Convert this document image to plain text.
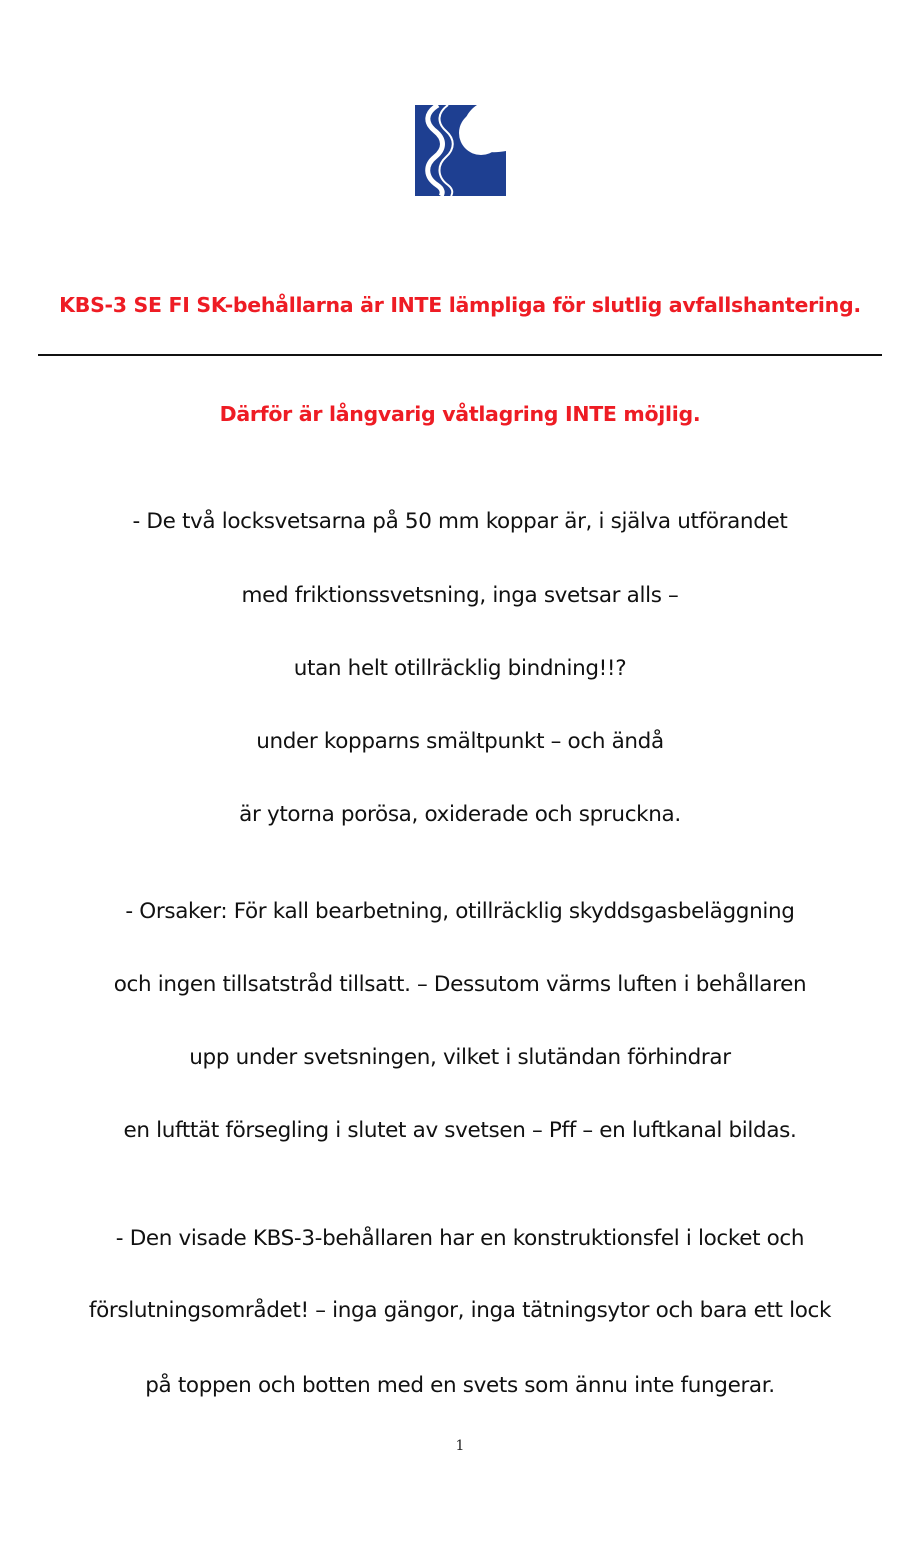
KBS-3 SE FI SK-behållarna är INTE lämpliga för slutlig avfallshantering.
Därför är långvarig våtlagring INTE möjlig.
- De två locksvetsarna på 50 mm koppar är, i själva utförandet
med friktionssvetsning, inga svetsar alls –
utan helt otillräcklig bindning!!?
under kopparns smältpunkt – och ändå
är ytorna porösa, oxiderade och spruckna.
- Orsaker: För kall bearbetning, otillräcklig skyddsgasbeläggning
och ingen tillsatstråd tillsatt. – Dessutom värms luften i behållaren
upp under svetsningen, vilket i slutändan förhindrar
en lufttät försegling i slutet av svetsen – Pff – en luftkanal bildas.
- Den visade KBS-3-behållaren har en konstruktionsfel i locket och
förslutningsområdet! – inga gängor, inga tätningsytor och bara ett lock
på toppen och botten med en svets som ännu inte fungerar.
1
